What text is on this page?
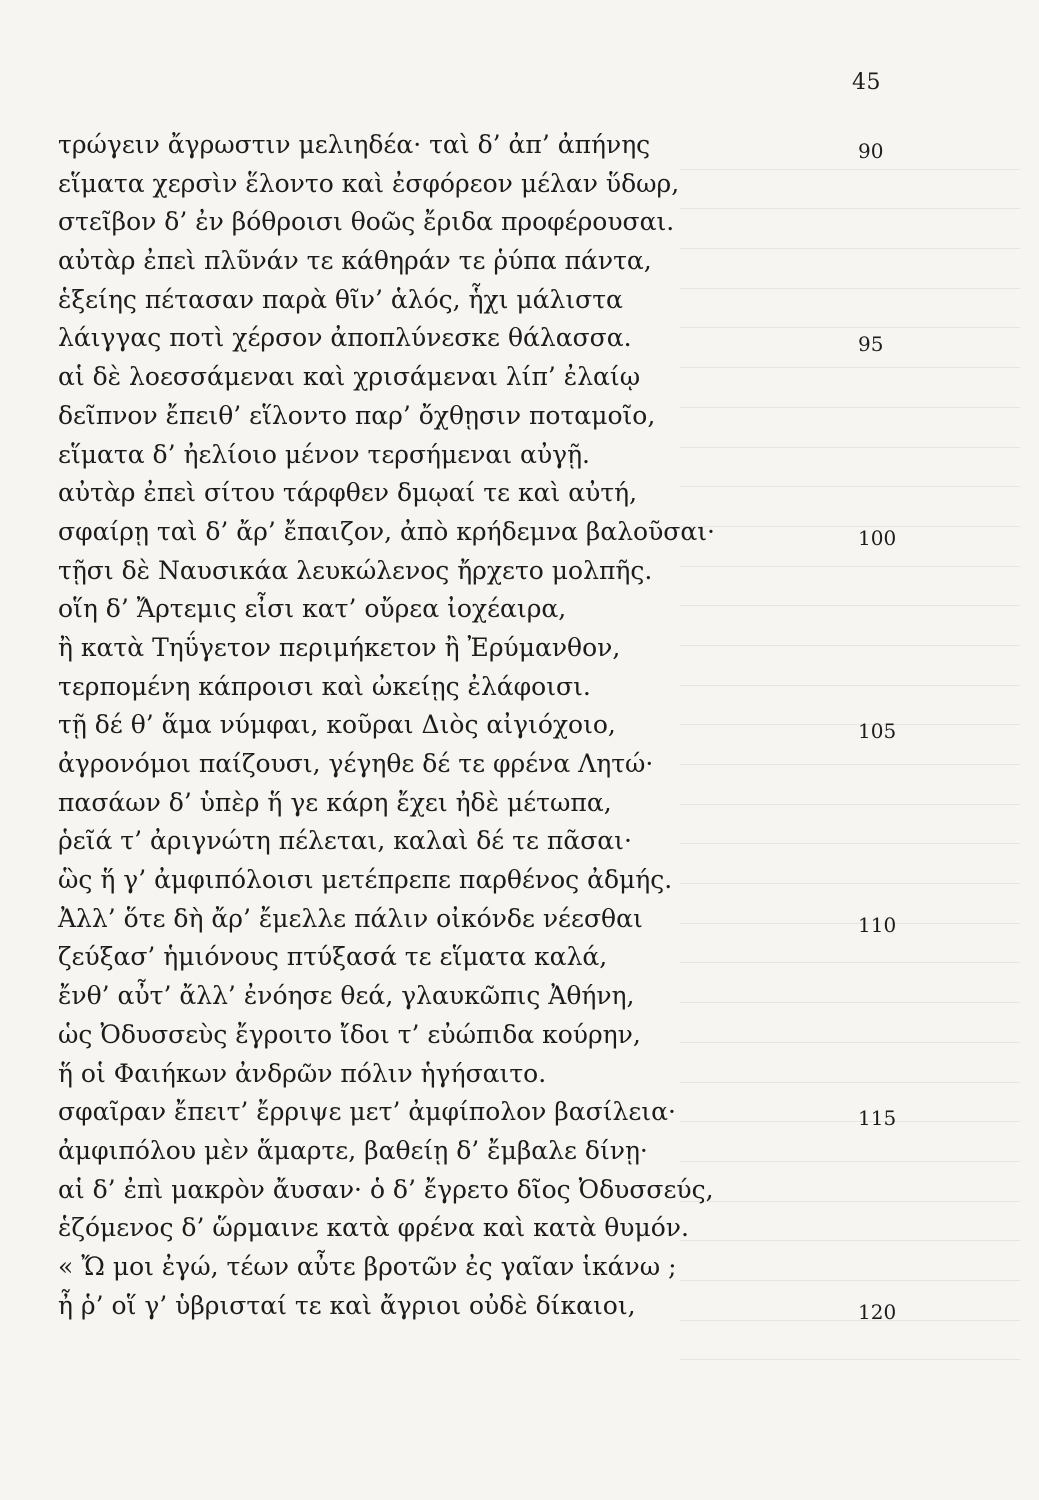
45
τρώγειν ἄγρωστιν μελιηδέα· ταὶ δ’ ἀπ’ ἀπήνης	90
εἵματα χερσὶν ἕλοντο καὶ ἐσφόρεον μέλαν ὕδωρ,
στεῖβον δ’ ἐν βόθροισι θοῶς ἔριδα προφέρουσαι.
αὐτὰρ ἐπεὶ πλῦνάν τε κάθηράν τε ῥύπα πάντα,
ἑξείης πέτασαν παρὰ θῖν’ ἁλός, ἧχι μάλιστα
λάιγγας ποτὶ χέρσον ἀποπλύνεσκε θάλασσα.	95
αἱ δὲ λοεσσάμεναι καὶ χρισάμεναι λίπ’ ἐλαίῳ
δεῖπνον ἔπειθ’ εἵλοντο παρ’ ὄχθῃσιν ποταμοῖο,
εἵματα δ’ ἠελίοιο μένον τερσήμεναι αὐγῇ.
αὐτὰρ ἐπεὶ σίτου τάρφθεν δμῳαί τε καὶ αὐτή,
σφαίρῃ ταὶ δ’ ἄρ’ ἔπαιζον, ἀπὸ κρήδεμνα βαλοῦσαι·	100
τῇσι δὲ Ναυσικάα λευκώλενος ἤρχετο μολπῆς.
οἵη δ’ Ἄρτεμις εἶσι κατ’ οὔρεα ἰοχέαιρα,
ἢ κατὰ Τηΰγετον περιμήκετον ἢ Ἐρύμανθον,
τερπομένη κάπροισι καὶ ὠκείῃς ἐλάφοισι.
τῇ δέ θ’ ἅμα νύμφαι, κοῦραι Διὸς αἰγιόχοιο,	105
ἀγρονόμοι παίζουσι, γέγηθε δέ τε φρένα Λητώ·
πασάων δ’ ὑπὲρ ἥ γε κάρη ἔχει ἠδὲ μέτωπα,
ῥεῖά τ’ ἀριγνώτη πέλεται, καλαὶ δέ τε πᾶσαι·
ὣς ἥ γ’ ἀμφιπόλοισι μετέπρεπε παρθένος ἀδμής.
Ἀλλ’ ὅτε δὴ ἄρ’ ἔμελλε πάλιν οἰκόνδε νέεσθαι	110
ζεύξασ’ ἡμιόνους πτύξασά τε εἵματα καλά,
ἔνθ’ αὖτ’ ἄλλ’ ἐνόησε θεά, γλαυκῶπις Ἀθήνη,
ὡς Ὀδυσσεὺς ἔγροιτο ἴδοι τ’ εὐώπιδα κούρην,
ἥ οἱ Φαιήκων ἀνδρῶν πόλιν ἡγήσαιτο.
σφαῖραν ἔπειτ’ ἔρριψε μετ’ ἀμφίπολον βασίλεια·	115
ἀμφιπόλου μὲν ἅμαρτε, βαθείῃ δ’ ἔμβαλε δίνῃ·
αἱ δ’ ἐπὶ μακρὸν ἄυσαν· ὁ δ’ ἔγρετο δῖος Ὀδυσσεύς,
ἑζόμενος δ’ ὥρμαινε κατὰ φρένα καὶ κατὰ θυμόν.
« Ὤ μοι ἐγώ, τέων αὖτε βροτῶν ἐς γαῖαν ἱκάνω ;
ἦ ῥ’ οἵ γ’ ὑβρισταί τε καὶ ἄγριοι οὐδὲ δίκαιοι,	120
